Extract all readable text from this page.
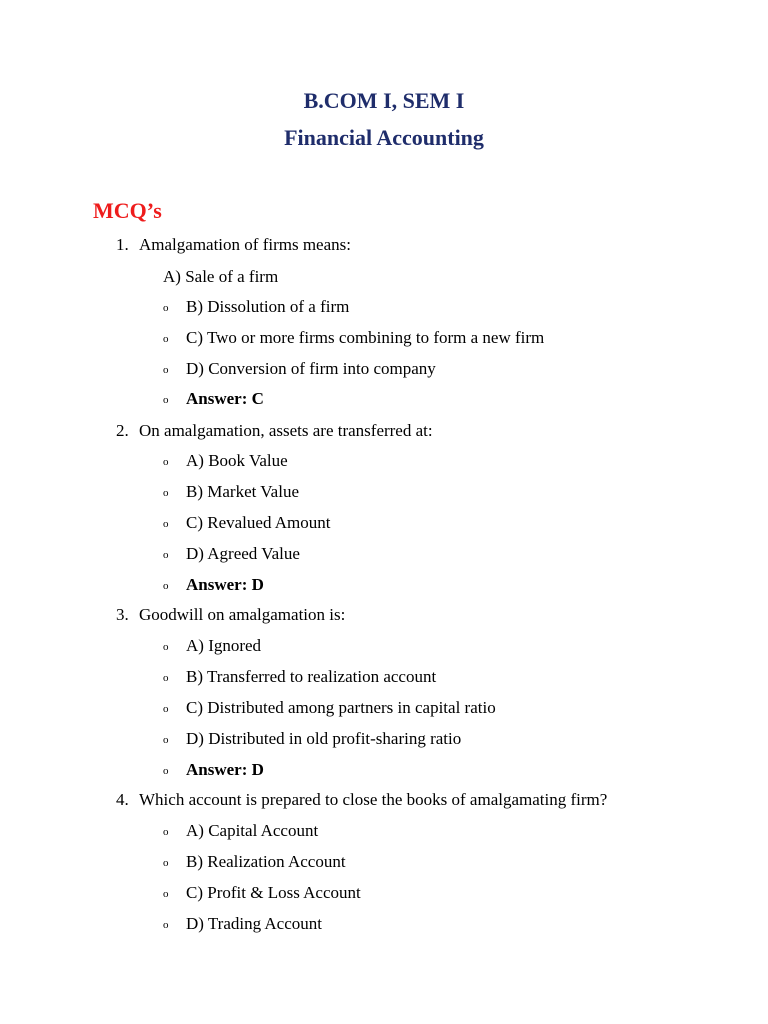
B.COM I, SEM I
Financial Accounting
MCQ’s
1. Amalgamation of firms means:
A) Sale of a firm
o B) Dissolution of a firm
o C) Two or more firms combining to form a new firm
o D) Conversion of firm into company
o Answer: C
2. On amalgamation, assets are transferred at:
o A) Book Value
o B) Market Value
o C) Revalued Amount
o D) Agreed Value
o Answer: D
3. Goodwill on amalgamation is:
o A) Ignored
o B) Transferred to realization account
o C) Distributed among partners in capital ratio
o D) Distributed in old profit-sharing ratio
o Answer: D
4. Which account is prepared to close the books of amalgamating firm?
o A) Capital Account
o B) Realization Account
o C) Profit & Loss Account
o D) Trading Account
